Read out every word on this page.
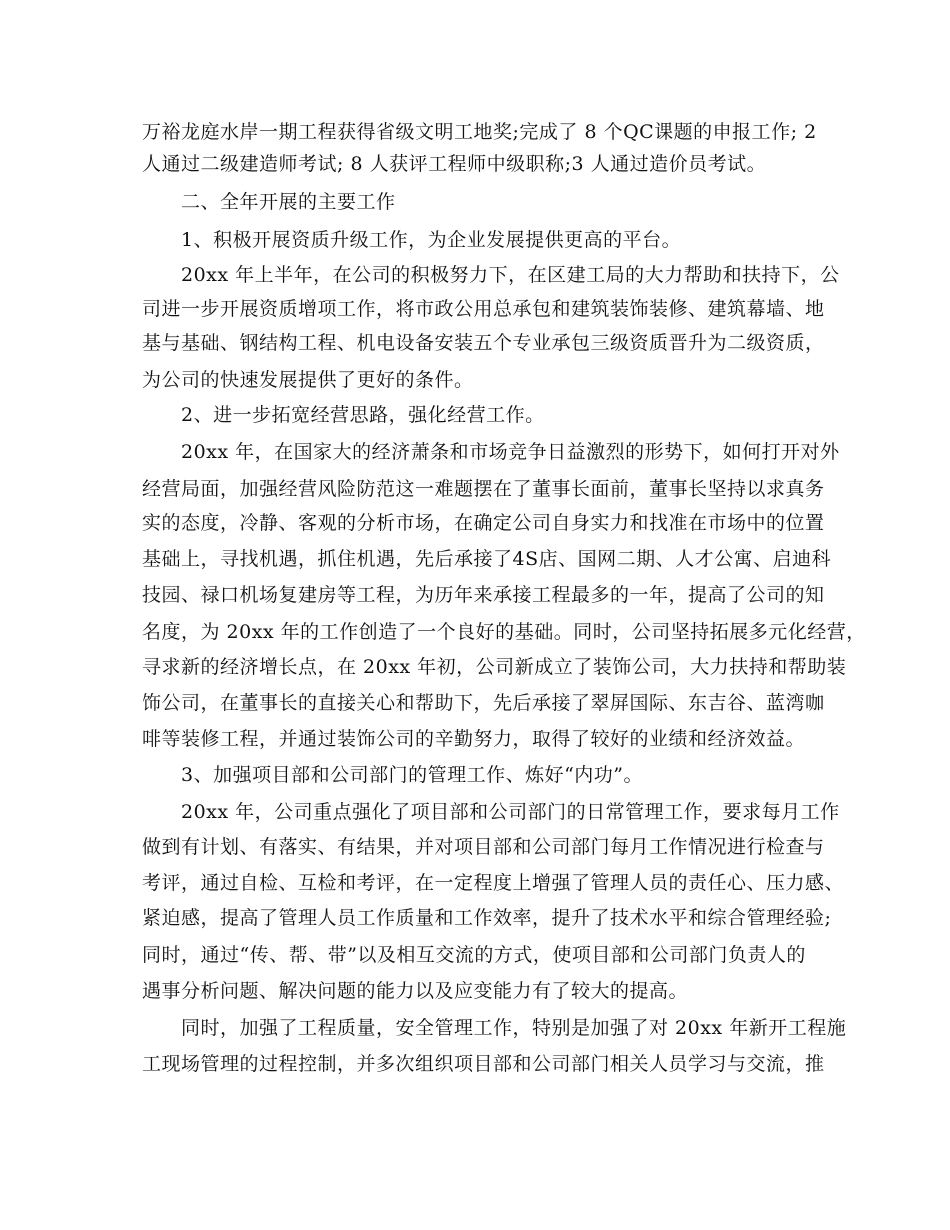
万裕龙庭水岸一期工程获得省级文明工地奖;完成了 8 个QC课题的申报工作; 2
人通过二级建造师考试; 8 人获评工程师中级职称;3 人通过造价员考试。
　　二、全年开展的主要工作
　　1、积极开展资质升级工作，为企业发展提供更高的平台。
　　20xx 年上半年，在公司的积极努力下，在区建工局的大力帮助和扶持下，公
司进一步开展资质增项工作，将市政公用总承包和建筑装饰装修、建筑幕墙、地
基与基础、钢结构工程、机电设备安装五个专业承包三级资质晋升为二级资质，
为公司的快速发展提供了更好的条件。
　　2、进一步拓宽经营思路，强化经营工作。
　　20xx 年，在国家大的经济萧条和市场竞争日益激烈的形势下，如何打开对外
经营局面，加强经营风险防范这一难题摆在了董事长面前，董事长坚持以求真务
实的态度，冷静、客观的分析市场，在确定公司自身实力和找准在市场中的位置
基础上，寻找机遇，抓住机遇，先后承接了4S店、国网二期、人才公寓、启迪科
技园、禄口机场复建房等工程，为历年来承接工程最多的一年，提高了公司的知
名度，为 20xx 年的工作创造了一个良好的基础。同时，公司坚持拓展多元化经营，
寻求新的经济增长点，在 20xx 年初，公司新成立了装饰公司，大力扶持和帮助装
饰公司，在董事长的直接关心和帮助下，先后承接了翠屏国际、东吉谷、蓝湾咖
啡等装修工程，并通过装饰公司的辛勤努力，取得了较好的业绩和经济效益。
　　3、加强项目部和公司部门的管理工作、炼好“内功”。
　　20xx 年，公司重点强化了项目部和公司部门的日常管理工作，要求每月工作
做到有计划、有落实、有结果，并对项目部和公司部门每月工作情况进行检查与
考评，通过自检、互检和考评，在一定程度上增强了管理人员的责任心、压力感、
紧迫感，提高了管理人员工作质量和工作效率，提升了技术水平和综合管理经验;
同时，通过“传、帮、带”以及相互交流的方式，使项目部和公司部门负责人的
遇事分析问题、解决问题的能力以及应变能力有了较大的提高。
　　同时，加强了工程质量，安全管理工作，特别是加强了对 20xx 年新开工程施
工现场管理的过程控制，并多次组织项目部和公司部门相关人员学习与交流，推
